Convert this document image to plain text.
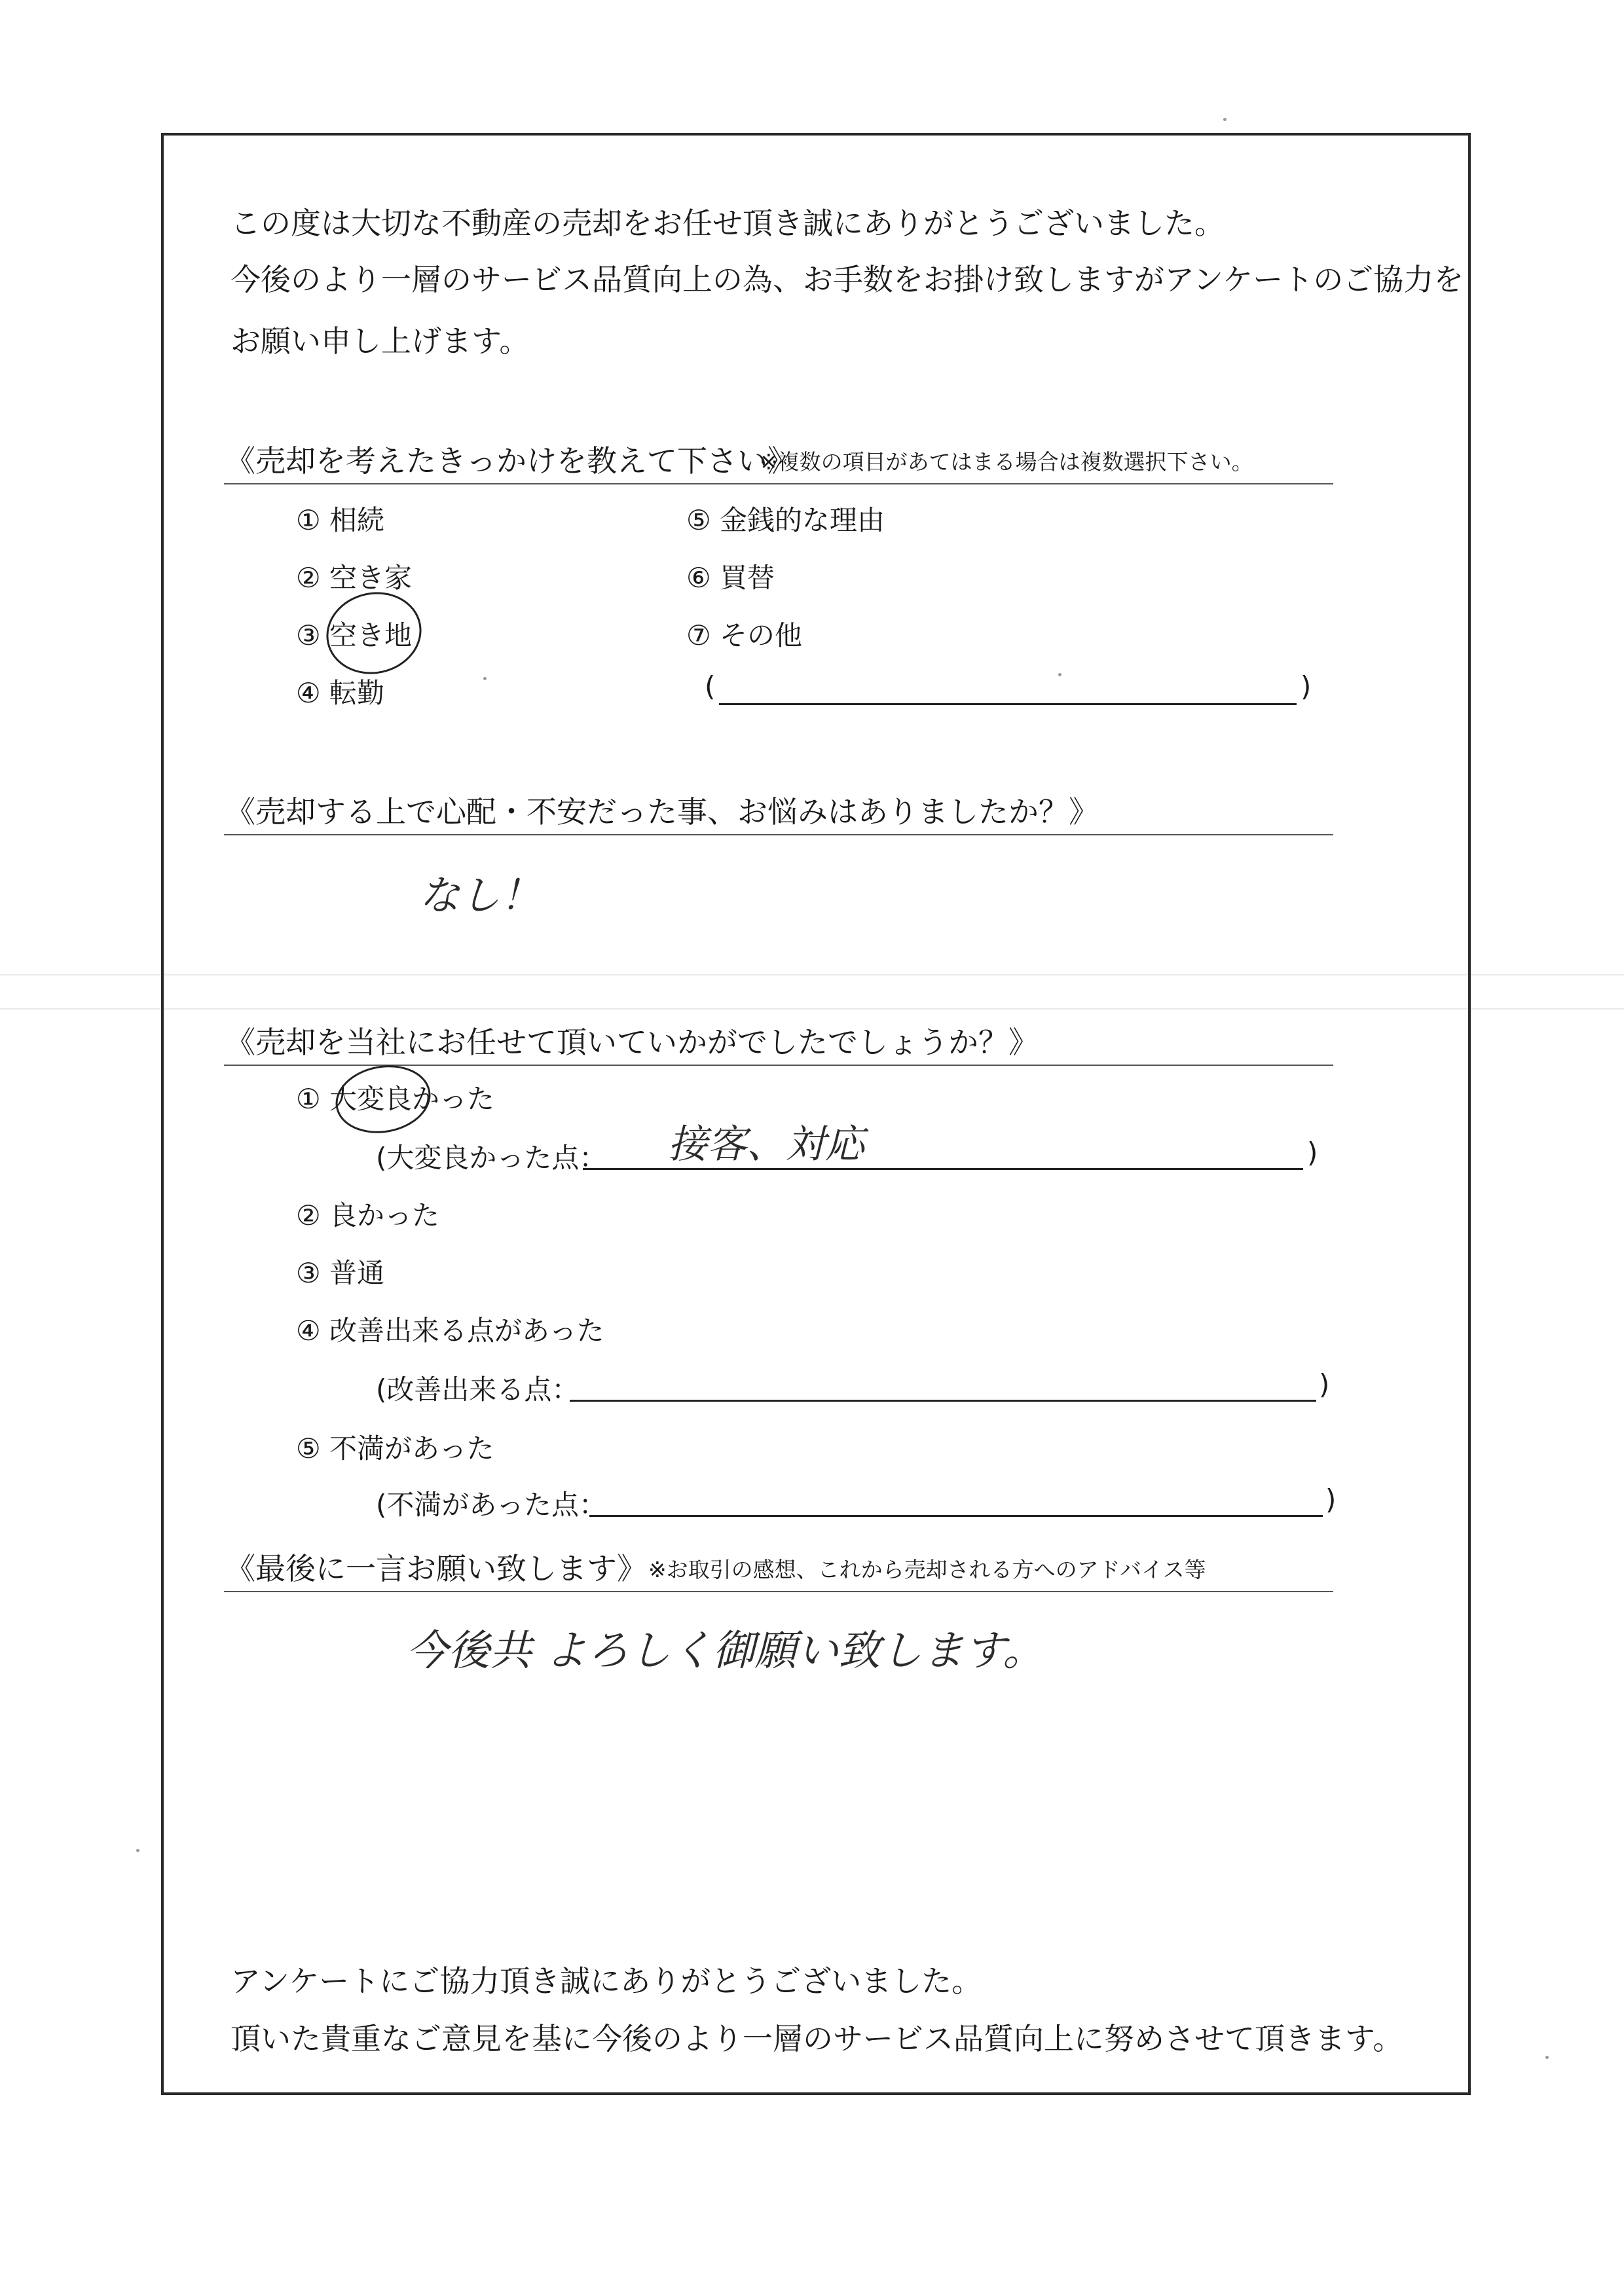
この度は大切な不動産の売却をお任せ頂き誠にありがとうございました。
今後のより一層のサービス品質向上の為、お手数をお掛け致しますがアンケートのご協力を
お願い申し上げます。
《売却を考えたきっかけを教えて下さい》
※複数の項目があてはまる場合は複数選択下さい。
① 相続
② 空き家
③ 空き地
④ 転勤
⑤ 金銭的な理由
⑥ 買替
⑦ その他
(	)
《売却する上で心配・不安だった事、お悩みはありましたか？》
なし！
《売却を当社にお任せて頂いていかがでしたでしょうか？》
① 大変良かった
(大変良かった点： 接客、対応	)
② 良かった
③ 普通
④ 改善出来る点があった
(改善出来る点：	)
⑤ 不満があった
(不満があった点：	)
《最後に一言お願い致します》 ※お取引の感想、これから売却される方へのアドバイス等
今後共 よろしく御願い致します。
アンケートにご協力頂き誠にありがとうございました。
頂いた貴重なご意見を基に今後のより一層のサービス品質向上に努めさせて頂きます。
